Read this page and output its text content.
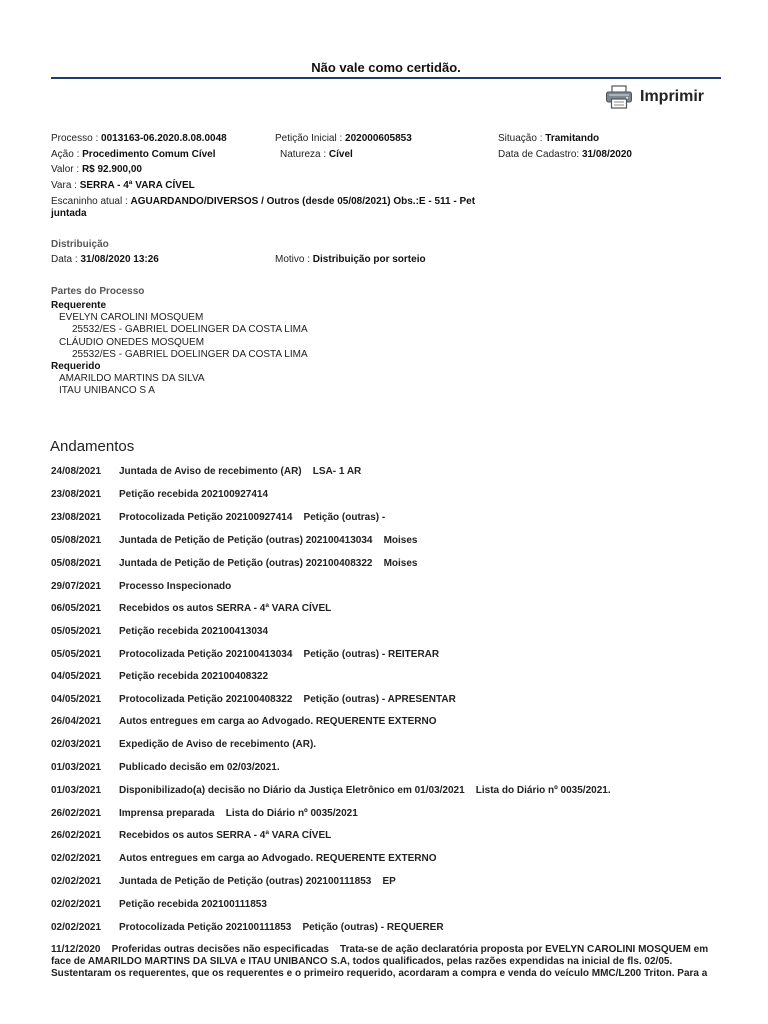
Não vale como certidão.
Imprimir
Processo : 0013163-06.2020.8.08.0048	Petição Inicial : 202000605853	Situação : Tramitando
Ação : Procedimento Comum Cível	Natureza : Cível	Data de Cadastro: 31/08/2020
Valor : R$ 92.900,00
Vara : SERRA - 4ª VARA CÍVEL
Escaninho atual : AGUARDANDO/DIVERSOS / Outros (desde 05/08/2021) Obs.:E - 511 - Pet
juntada
Distribuição
Data : 31/08/2020 13:26	Motivo : Distribuição por sorteio
Partes do Processo
Requerente
EVELYN CAROLINI MOSQUEM
25532/ES - GABRIEL DOELINGER DA COSTA LIMA
CLÁUDIO ONEDES MOSQUEM
25532/ES - GABRIEL DOELINGER DA COSTA LIMA
Requerido
AMARILDO MARTINS DA SILVA
ITAU UNIBANCO S A
Andamentos
24/08/2021 Juntada de Aviso de recebimento (AR)    LSA- 1 AR
23/08/2021 Petição recebida 202100927414
23/08/2021 Protocolizada Petição 202100927414    Petição (outras) -
05/08/2021 Juntada de Petição de Petição (outras) 202100413034    Moises
05/08/2021 Juntada de Petição de Petição (outras) 202100408322    Moises
29/07/2021 Processo Inspecionado
06/05/2021 Recebidos os autos SERRA - 4ª VARA CÍVEL
05/05/2021 Petição recebida 202100413034
05/05/2021 Protocolizada Petição 202100413034    Petição (outras) - REITERAR
04/05/2021 Petição recebida 202100408322
04/05/2021 Protocolizada Petição 202100408322    Petição (outras) - APRESENTAR
26/04/2021 Autos entregues em carga ao Advogado. REQUERENTE EXTERNO
02/03/2021 Expedição de Aviso de recebimento (AR).
01/03/2021 Publicado decisão em 02/03/2021.
01/03/2021 Disponibilizado(a) decisão no Diário da Justiça Eletrônico em 01/03/2021    Lista do Diário nº 0035/2021.
26/02/2021 Imprensa preparada    Lista do Diário nº 0035/2021
26/02/2021 Recebidos os autos SERRA - 4ª VARA CÍVEL
02/02/2021 Autos entregues em carga ao Advogado. REQUERENTE EXTERNO
02/02/2021 Juntada de Petição de Petição (outras) 202100111853    EP
02/02/2021 Petição recebida 202100111853
02/02/2021 Protocolizada Petição 202100111853    Petição (outras) - REQUERER
11/12/2020 Proferidas outras decisões não especificadas    Trata-se de ação declaratória proposta por EVELYN CAROLINI MOSQUEM em face de AMARILDO MARTINS DA SILVA e ITAU UNIBANCO S.A, todos qualificados, pelas razões expendidas na inicial de fls. 02/05. Sustentaram os requerentes, que os requerentes e o primeiro requerido, acordaram a compra e venda do veículo MMC/L200 Triton. Para a
